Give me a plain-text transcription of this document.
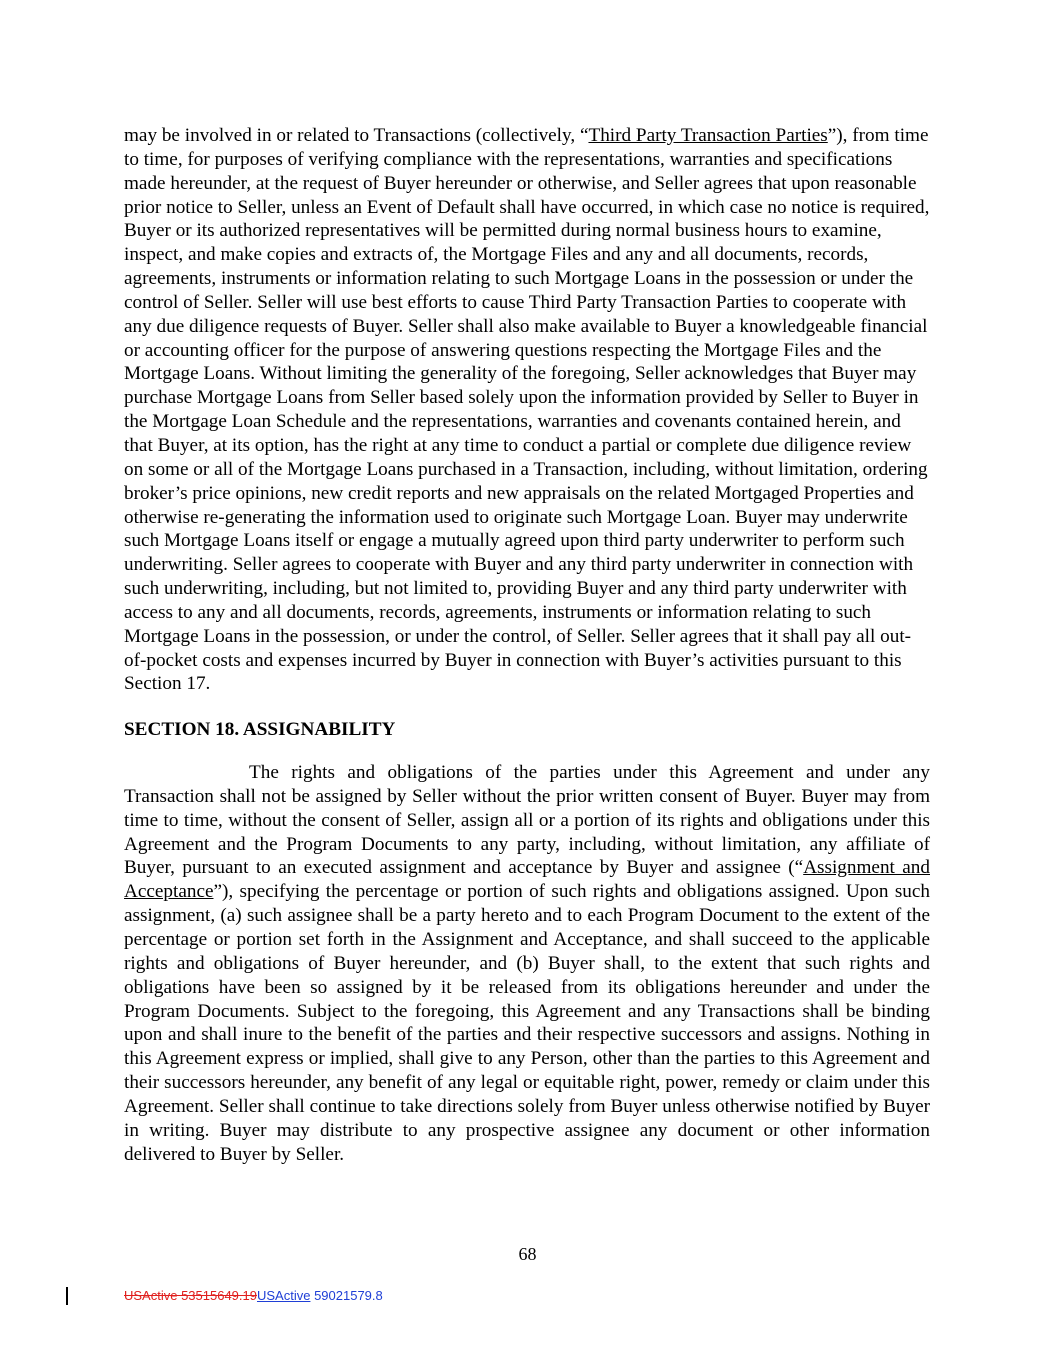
may be involved in or related to Transactions (collectively, “Third Party Transaction Parties”), from time to time, for purposes of verifying compliance with the representations, warranties and specifications made hereunder, at the request of Buyer hereunder or otherwise, and Seller agrees that upon reasonable prior notice to Seller, unless an Event of Default shall have occurred, in which case no notice is required, Buyer or its authorized representatives will be permitted during normal business hours to examine, inspect, and make copies and extracts of, the Mortgage Files and any and all documents, records, agreements, instruments or information relating to such Mortgage Loans in the possession or under the control of Seller. Seller will use best efforts to cause Third Party Transaction Parties to cooperate with any due diligence requests of Buyer. Seller shall also make available to Buyer a knowledgeable financial or accounting officer for the purpose of answering questions respecting the Mortgage Files and the Mortgage Loans. Without limiting the generality of the foregoing, Seller acknowledges that Buyer may purchase Mortgage Loans from Seller based solely upon the information provided by Seller to Buyer in the Mortgage Loan Schedule and the representations, warranties and covenants contained herein, and that Buyer, at its option, has the right at any time to conduct a partial or complete due diligence review on some or all of the Mortgage Loans purchased in a Transaction, including, without limitation, ordering broker’s price opinions, new credit reports and new appraisals on the related Mortgaged Properties and otherwise re-generating the information used to originate such Mortgage Loan. Buyer may underwrite such Mortgage Loans itself or engage a mutually agreed upon third party underwriter to perform such underwriting. Seller agrees to cooperate with Buyer and any third party underwriter in connection with such underwriting, including, but not limited to, providing Buyer and any third party underwriter with access to any and all documents, records, agreements, instruments or information relating to such Mortgage Loans in the possession, or under the control, of Seller. Seller agrees that it shall pay all out-of-pocket costs and expenses incurred by Buyer in connection with Buyer’s activities pursuant to this Section 17.

SECTION 18. ASSIGNABILITY

The rights and obligations of the parties under this Agreement and under any Transaction shall not be assigned by Seller without the prior written consent of Buyer. Buyer may from time to time, without the consent of Seller, assign all or a portion of its rights and obligations under this Agreement and the Program Documents to any party, including, without limitation, any affiliate of Buyer, pursuant to an executed assignment and acceptance by Buyer and assignee (“Assignment and Acceptance”), specifying the percentage or portion of such rights and obligations assigned. Upon such assignment, (a) such assignee shall be a party hereto and to each Program Document to the extent of the percentage or portion set forth in the Assignment and Acceptance, and shall succeed to the applicable rights and obligations of Buyer hereunder, and (b) Buyer shall, to the extent that such rights and obligations have been so assigned by it be released from its obligations hereunder and under the Program Documents. Subject to the foregoing, this Agreement and any Transactions shall be binding upon and shall inure to the benefit of the parties and their respective successors and assigns. Nothing in this Agreement express or implied, shall give to any Person, other than the parties to this Agreement and their successors hereunder, any benefit of any legal or equitable right, power, remedy or claim under this Agreement. Seller shall continue to take directions solely from Buyer unless otherwise notified by Buyer in writing. Buyer may distribute to any prospective assignee any document or other information delivered to Buyer by Seller.

68
USActive 53515649.19USActive 59021579.8
